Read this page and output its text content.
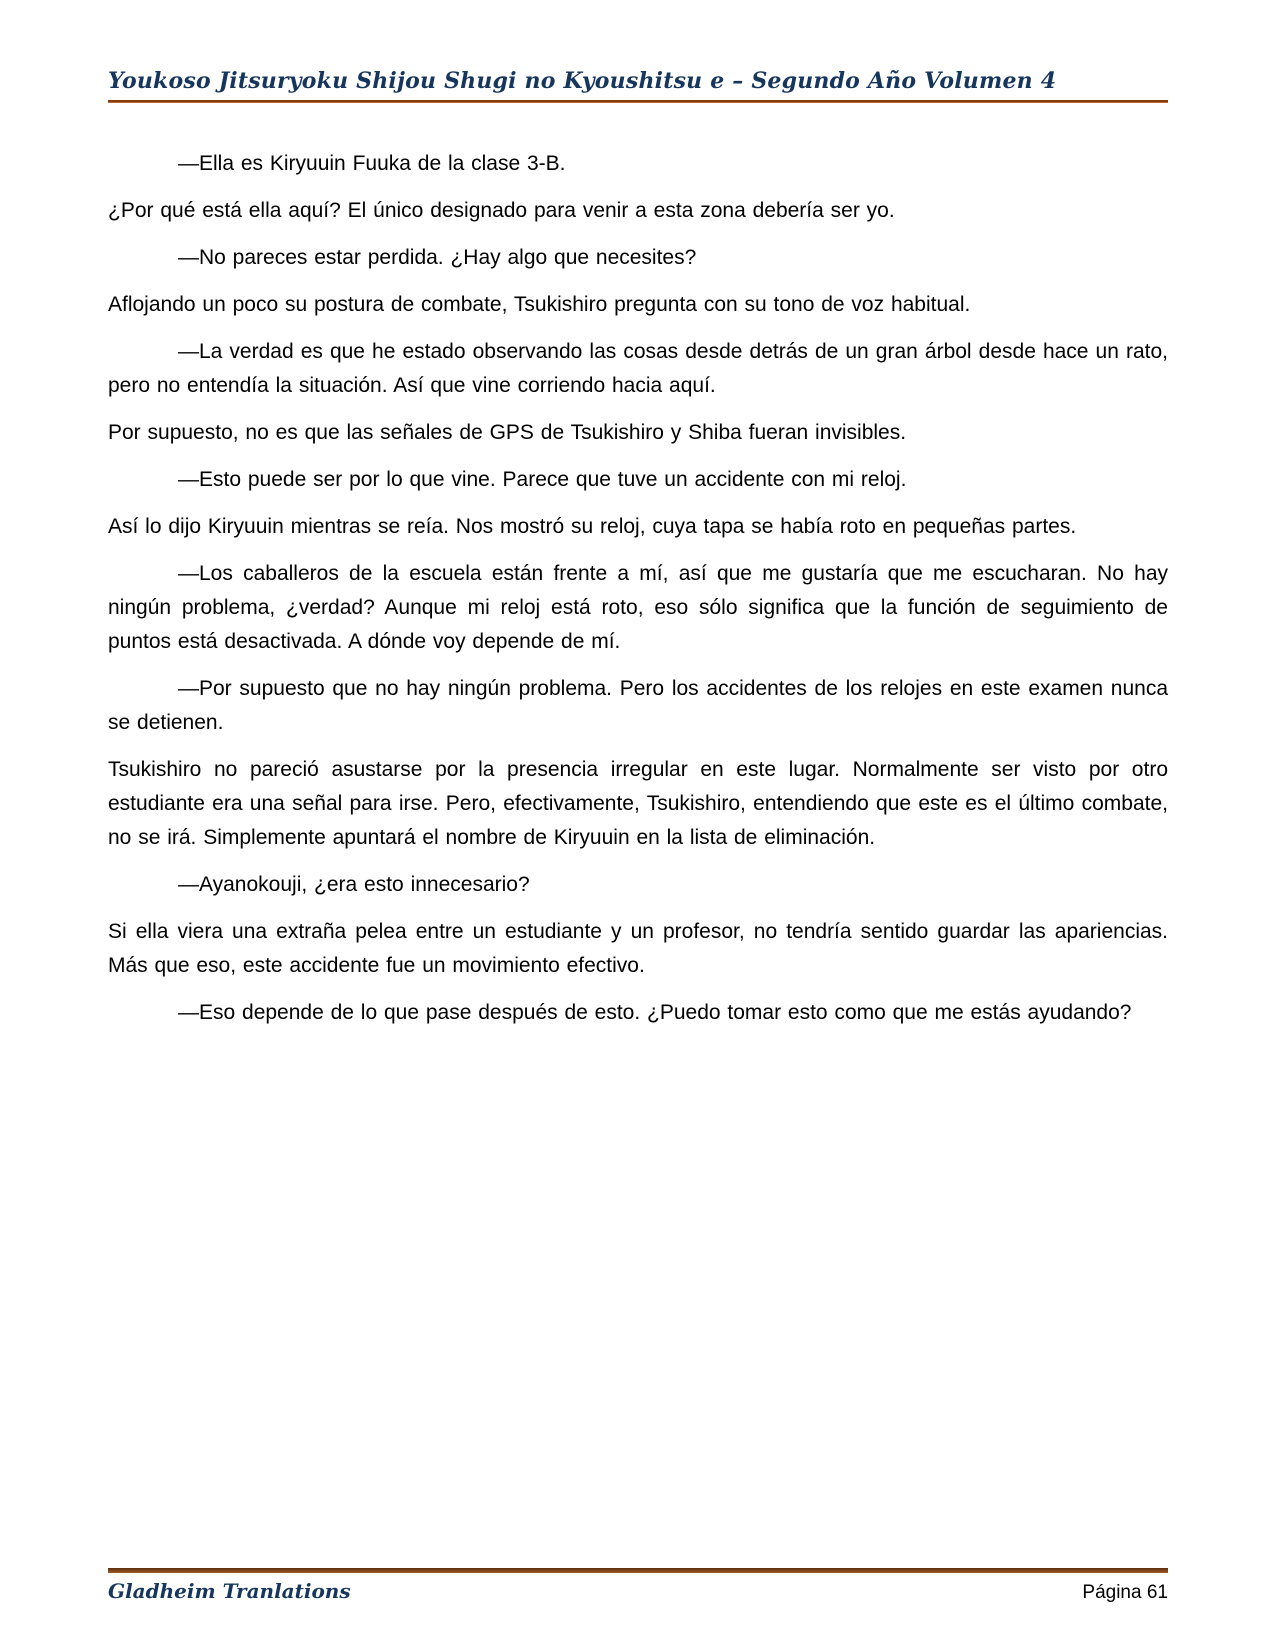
Youkoso Jitsuryoku Shijou Shugi no Kyoushitsu e – Segundo Año Volumen 4

—Ella es Kiryuuin Fuuka de la clase 3-B.

¿Por qué está ella aquí? El único designado para venir a esta zona debería ser yo.

—No pareces estar perdida. ¿Hay algo que necesites?

Aflojando un poco su postura de combate, Tsukishiro pregunta con su tono de voz habitual.

—La verdad es que he estado observando las cosas desde detrás de un gran árbol desde hace un rato, pero no entendía la situación. Así que vine corriendo hacia aquí.

Por supuesto, no es que las señales de GPS de Tsukishiro y Shiba fueran invisibles.

—Esto puede ser por lo que vine. Parece que tuve un accidente con mi reloj.

Así lo dijo Kiryuuin mientras se reía. Nos mostró su reloj, cuya tapa se había roto en pequeñas partes.

—Los caballeros de la escuela están frente a mí, así que me gustaría que me escucharan. No hay ningún problema, ¿verdad? Aunque mi reloj está roto, eso sólo significa que la función de seguimiento de puntos está desactivada. A dónde voy depende de mí.

—Por supuesto que no hay ningún problema. Pero los accidentes de los relojes en este examen nunca se detienen.

Tsukishiro no pareció asustarse por la presencia irregular en este lugar. Normalmente ser visto por otro estudiante era una señal para irse. Pero, efectivamente, Tsukishiro, entendiendo que este es el último combate, no se irá. Simplemente apuntará el nombre de Kiryuuin en la lista de eliminación.

—Ayanokouji, ¿era esto innecesario?

Si ella viera una extraña pelea entre un estudiante y un profesor, no tendría sentido guardar las apariencias. Más que eso, este accidente fue un movimiento efectivo.

—Eso depende de lo que pase después de esto. ¿Puedo tomar esto como que me estás ayudando?

Gladheim Tranlations	Página 61
